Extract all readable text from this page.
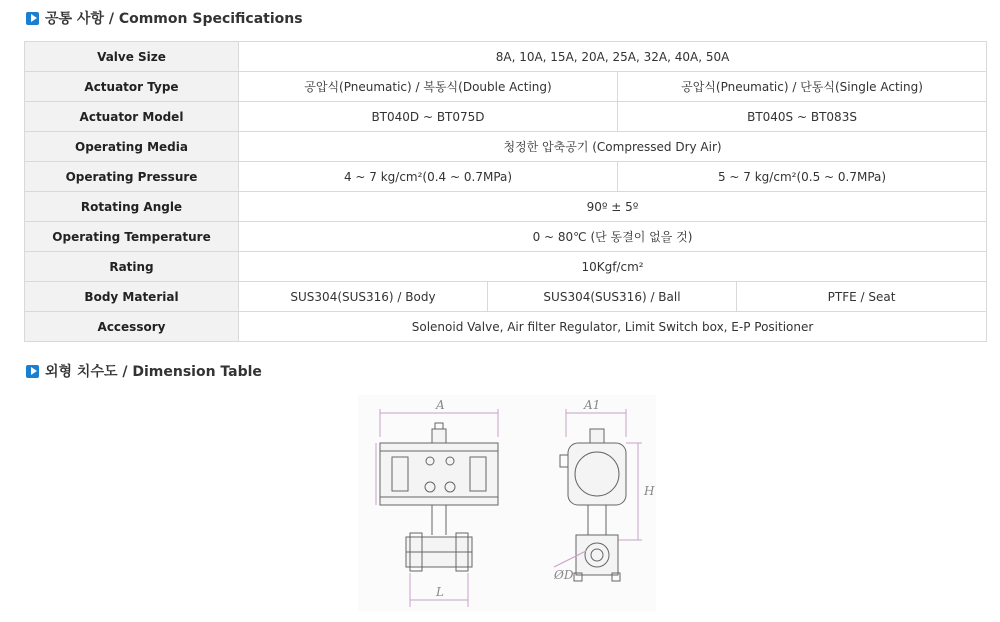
공통 사항 / Common Specifications
Valve Size	8A, 10A, 15A, 20A, 25A, 32A, 40A, 50A			
Actuator Type	공압식(Pneumatic) / 복동식(Double Acting)		공압식(Pneumatic) / 단동식(Single Acting)	
Actuator Model	BT040D ~ BT075D		BT040S ~ BT083S	
Operating Media	청정한 압축공기 (Compressed Dry Air)			
Operating Pressure	4 ~ 7 kg/cm²(0.4 ~ 0.7MPa)		5 ~ 7 kg/cm²(0.5 ~ 0.7MPa)	
Rotating Angle	90º ± 5º			
Operating Temperature	0 ~ 80℃ (단 동결이 없을 것)			
Rating	10Kgf/cm²			
Body Material	SUS304(SUS316) / Body	SUS304(SUS316) / Ball		PTFE / Seat
Accessory	Solenoid Valve, Air filter Regulator, Limit Switch box, E-P Positioner			
외형 치수도 / Dimension Table
A	A1
H
L
ØD
